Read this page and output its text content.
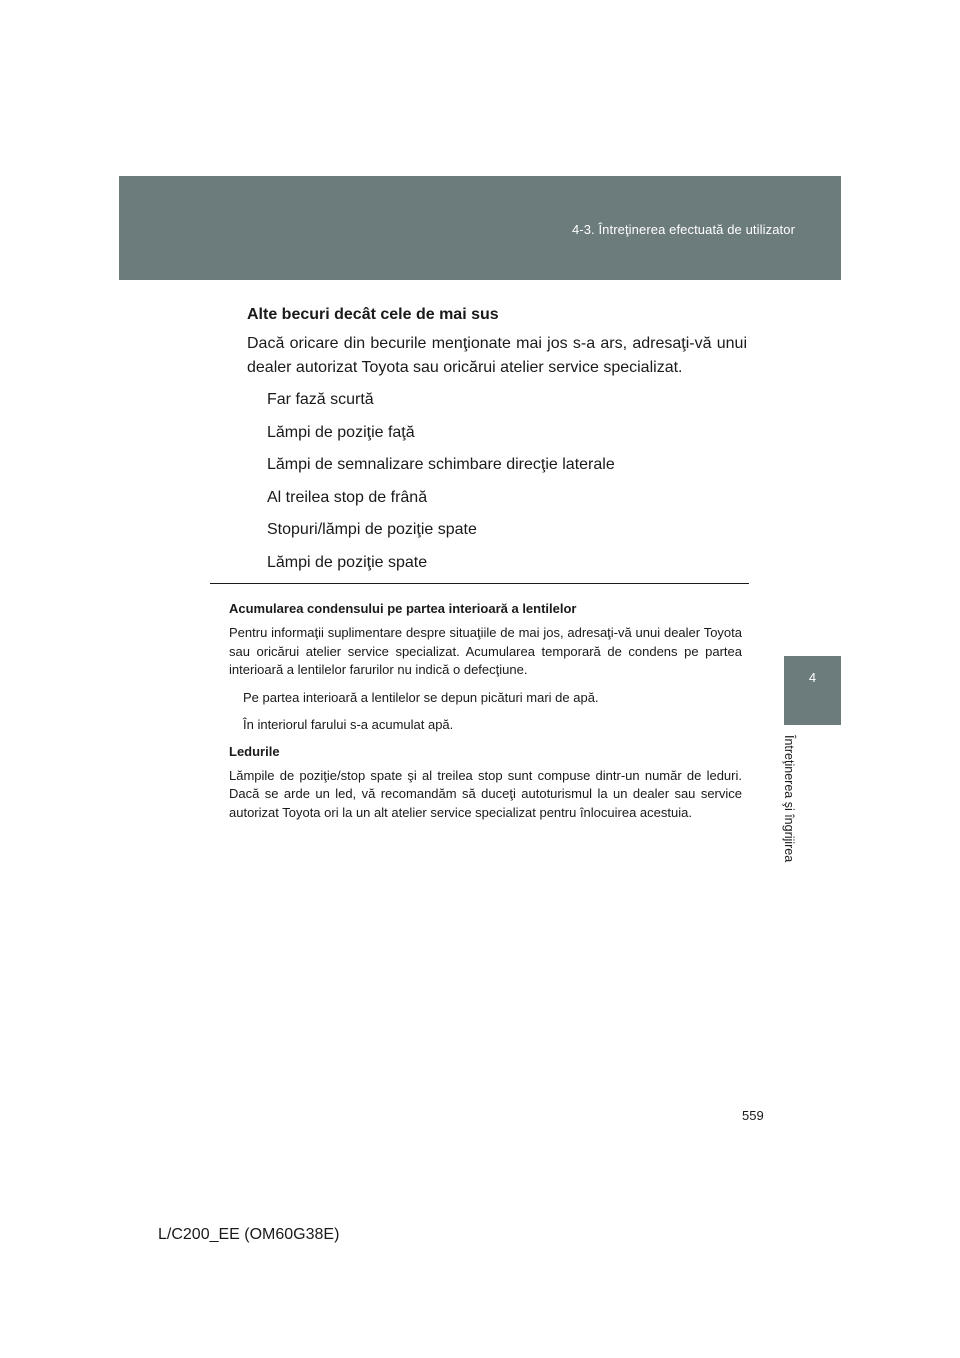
4-3. Întreţinerea efectuată de utilizator
4
Întreţinerea şi îngrijirea

Alte becuri decât cele de mai sus

Dacă oricare din becurile menţionate mai jos s-a ars, adresaţi-vă unui dealer autorizat Toyota sau oricărui atelier service specializat.

Far fază scurtă
Lămpi de poziţie faţă
Lămpi de semnalizare schimbare direcţie laterale
Al treilea stop de frână
Stopuri/lămpi de poziţie spate
Lămpi de poziţie spate

Acumularea condensului pe partea interioară a lentilelor

Pentru informaţii suplimentare despre situaţiile de mai jos, adresaţi-vă unui dealer Toyota sau oricărui atelier service specializat. Acumularea temporară de condens pe partea interioară a lentilelor farurilor nu indică o defecţiune.

Pe partea interioară a lentilelor se depun picături mari de apă.
În interiorul farului s-a acumulat apă.

Ledurile

Lămpile de poziţie/stop spate şi al treilea stop sunt compuse dintr-un număr de leduri. Dacă se arde un led, vă recomandăm să duceţi autoturismul la un dealer sau service autorizat Toyota ori la un alt atelier service specializat pentru înlocuirea acestuia.

559
L/C200_EE (OM60G38E)
